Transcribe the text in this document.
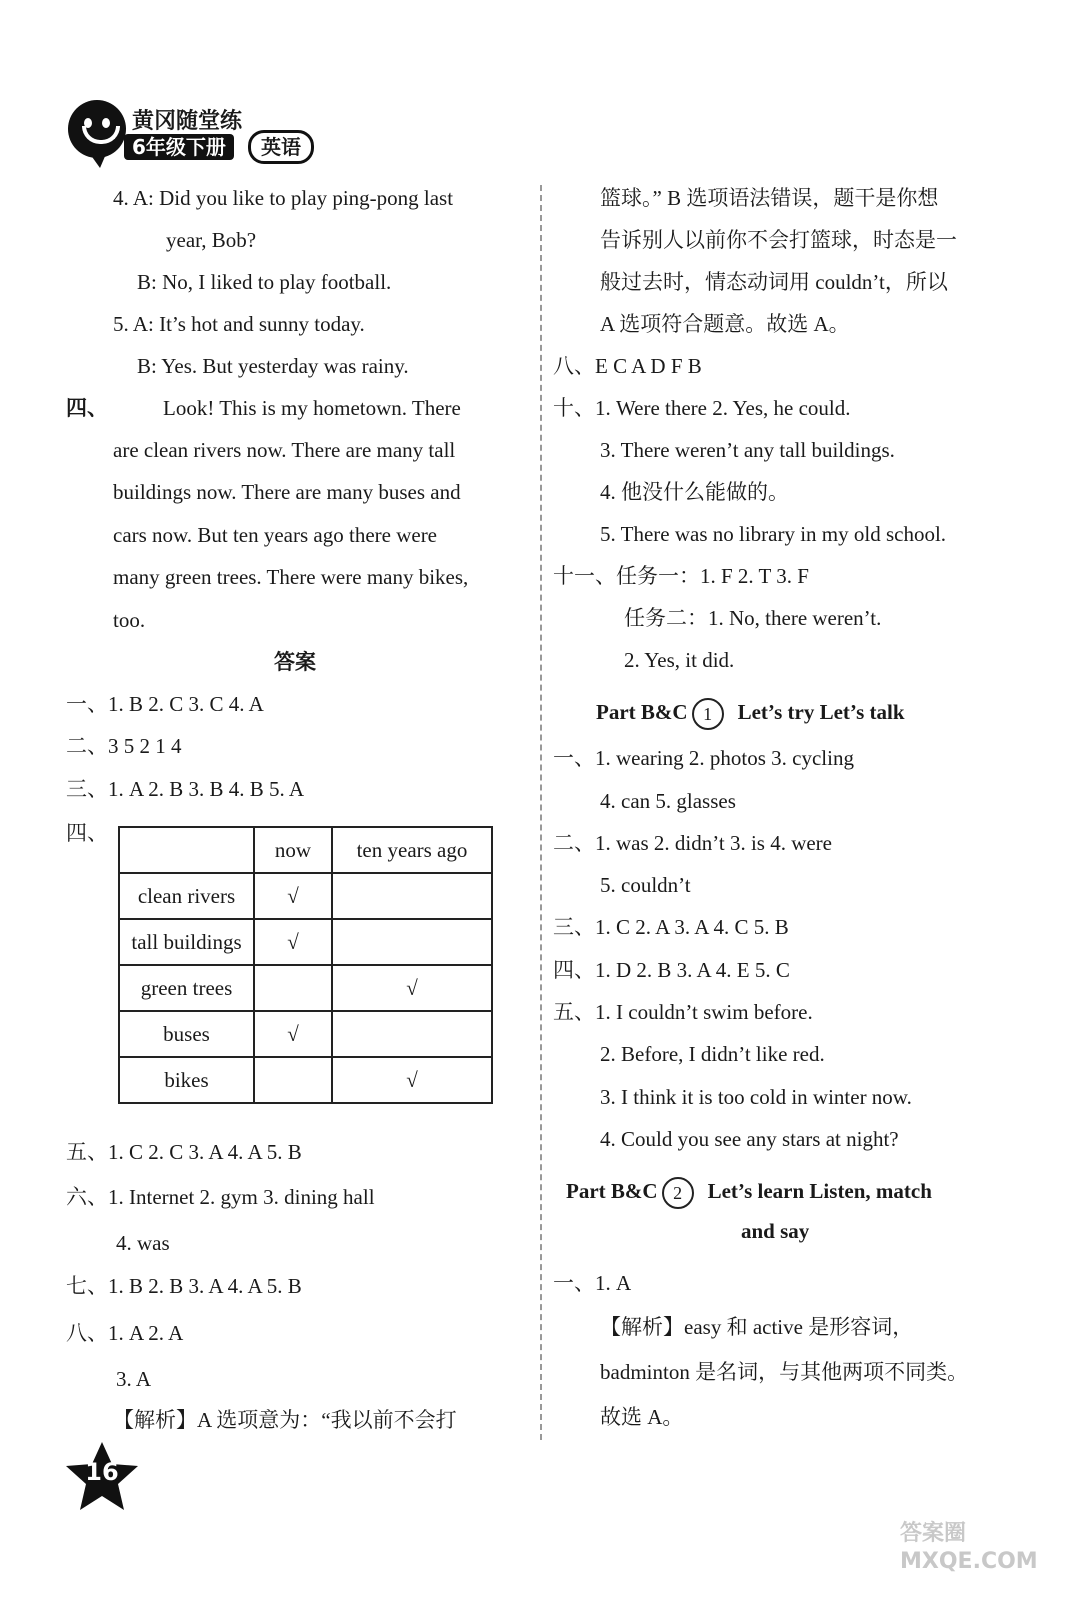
黄冈随堂练
6年级下册	英语
4. A: Did you like to play ping-pong last
year, Bob?
B: No, I liked to play football.
5. A: It’s hot and sunny today.
B: Yes. But yesterday was rainy.
四、	Look! This is my hometown. There
are clean rivers now. There are many tall
buildings now. There are many buses and
cars now. But ten years ago there were
many green trees. There were many bikes,
too.
答案
一、1. B 2. C 3. C 4. A
二、3 5 2 1 4
三、1. A 2. B 3. B 4. B 5. A
四、
	now	ten years ago
clean rivers	√	
tall buildings	√	
green trees		√
buses	√	
bikes		√
五、1. C 2. C 3. A 4. A 5. B
六、1. Internet 2. gym 3. dining hall
4. was
七、1. B 2. B 3. A 4. A 5. B
八、1. A 2. A
3. A
【解析】A 选项意为：“我以前不会打
篮球。” B 选项语法错误，题干是你想
告诉别人以前你不会打篮球，时态是一
般过去时，情态动词用 couldn’t，所以
A 选项符合题意。故选 A。
八、E C A D F B
十、1. Were there 2. Yes, he could.
3. There weren’t any tall buildings.
4. 他没什么能做的。
5. There was no library in my old school.
十一、任务一：1. F 2. T 3. F
任务二：1. No, there weren’t.
2. Yes, it did.
Part B&C 1 Let’s try Let’s talk
一、1. wearing 2. photos 3. cycling
4. can 5. glasses
二、1. was 2. didn’t 3. is 4. were
5. couldn’t
三、1. C 2. A 3. A 4. C 5. B
四、1. D 2. B 3. A 4. E 5. C
五、1. I couldn’t swim before.
2. Before, I didn’t like red.
3. I think it is too cold in winter now.
4. Could you see any stars at night?
Part B&C 2 Let’s learn Listen, match
and say
一、1. A
【解析】easy 和 active 是形容词，
badminton 是名词，与其他两项不同类。
故选 A。
16
答案圈 MXQE.COM
